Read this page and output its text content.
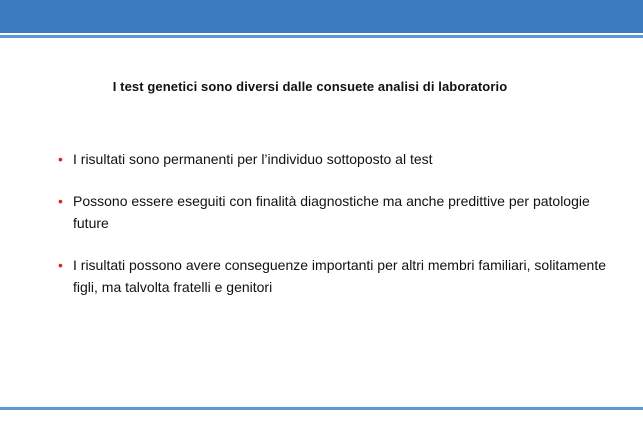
I test genetici sono diversi dalle consuete analisi di laboratorio
• I risultati sono permanenti per l’individuo sottoposto al test
• Possono essere eseguiti con finalità diagnostiche ma anche predittive per patologie future
• I risultati possono avere conseguenze importanti per altri membri familiari, solitamente figli, ma talvolta fratelli e genitori
